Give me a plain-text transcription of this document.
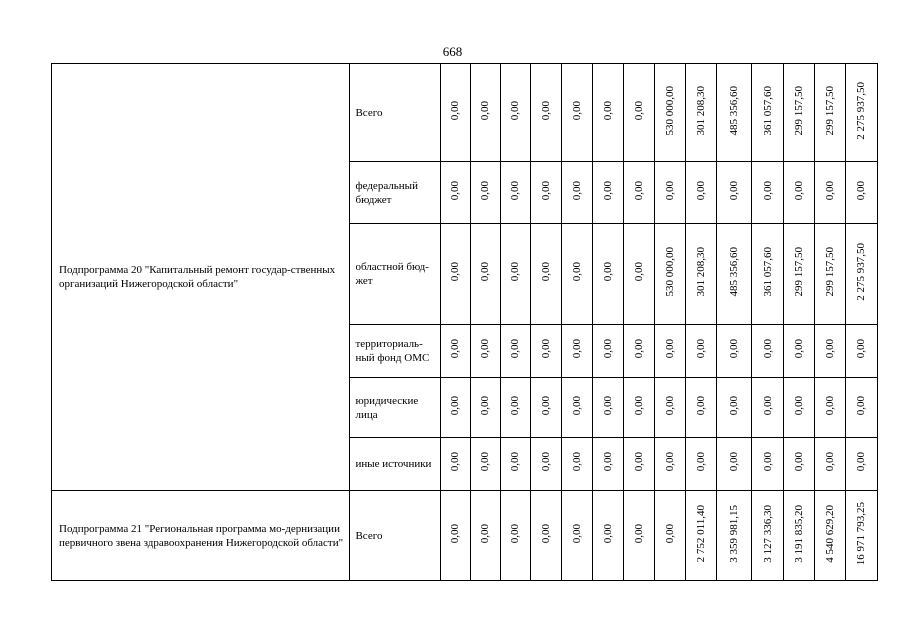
668
Подпрограмма 20 "Капитальный ремонт государ-ственных организаций Нижегородской области"	Всего	0,00	0,00	0,00	0,00	0,00	0,00	0,00	530 000,00	301 208,30	485 356,60	361 057,60	299 157,50	299 157,50	2 275 937,50
	федеральный бюджет	0,00	0,00	0,00	0,00	0,00	0,00	0,00	0,00	0,00	0,00	0,00	0,00	0,00	0,00
	областной бюд-жет	0,00	0,00	0,00	0,00	0,00	0,00	0,00	530 000,00	301 208,30	485 356,60	361 057,60	299 157,50	299 157,50	2 275 937,50
	территориаль-ный фонд ОМС	0,00	0,00	0,00	0,00	0,00	0,00	0,00	0,00	0,00	0,00	0,00	0,00	0,00	0,00
	юридические лица	0,00	0,00	0,00	0,00	0,00	0,00	0,00	0,00	0,00	0,00	0,00	0,00	0,00	0,00
	иные источники	0,00	0,00	0,00	0,00	0,00	0,00	0,00	0,00	0,00	0,00	0,00	0,00	0,00	0,00
Подпрограмма 21 "Региональная программа мо-дернизации первичного звена здравоохранения Нижегородской области"	Всего	0,00	0,00	0,00	0,00	0,00	0,00	0,00	0,00	2 752 011,40	3 359 981,15	3 127 336,30	3 191 835,20	4 540 629,20	16 971 793,25
